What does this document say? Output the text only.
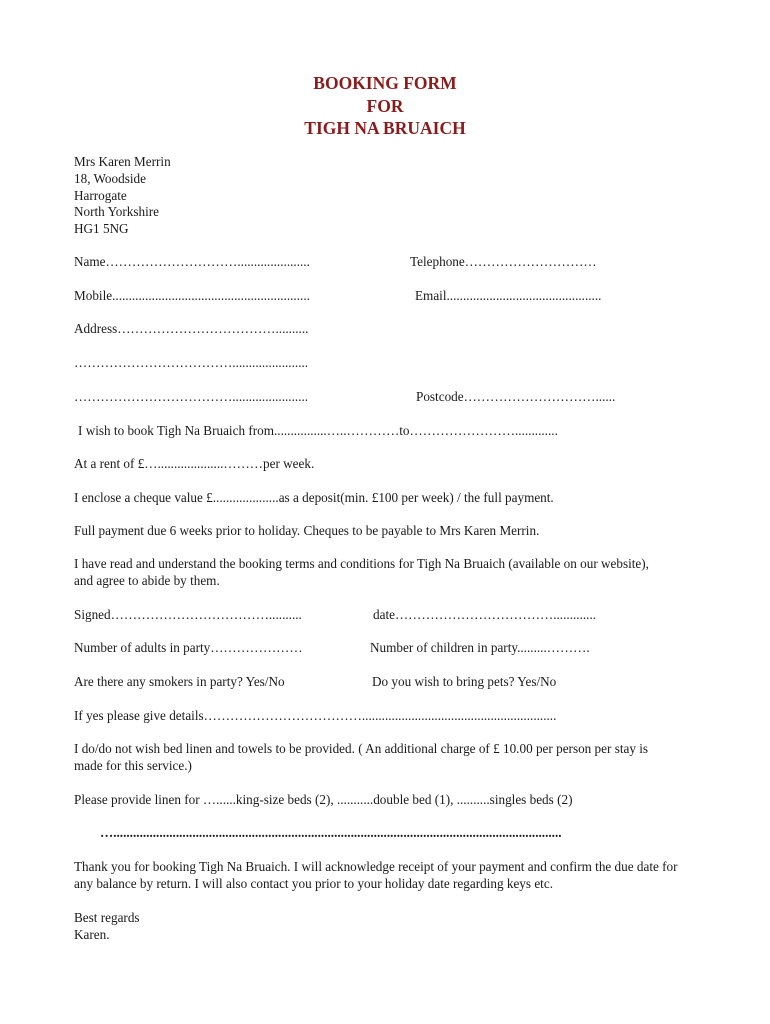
BOOKING FORM
FOR
TIGH NA BRUAICH
Mrs Karen Merrin
18, Woodside
Harrogate
North Yorkshire
HG1 5NG
Name…………………………......................	Telephone…………………………
Mobile............................................................	Email...............................................
Address………………………………..........
……………………………….......................
……………………………….......................	Postcode…………………………......
I wish to book Tigh Na Bruaich from................…..…………to…………………….............
At a rent of £…....................………per week.
I enclose a cheque value £....................as a deposit(min. £100 per week) / the full payment.
Full payment due 6 weeks prior to holiday. Cheques to be payable to Mrs Karen Merrin.
I have read and understand the booking terms and conditions for Tigh Na Bruaich (available on our website), and agree to abide by them.
Signed………………………………..........	date……………………………….............
Number of adults in party…………………	Number of children in party.........……….
Are there any smokers in party? Yes/No	Do you wish to bring pets? Yes/No
If yes please give details………………………………...........................................................
I do/do not wish bed linen and towels to be provided. ( An additional charge of £ 10.00 per person per stay is made for this service.)
Please provide linen for …......king-size beds (2), ...........double bed (1), ..........singles beds (2)
…........................................................................................................................................
Thank you for booking Tigh Na Bruaich. I will acknowledge receipt of your payment and confirm the due date for any balance by return. I will also contact you prior to your holiday date regarding keys etc.
Best regards
Karen.
